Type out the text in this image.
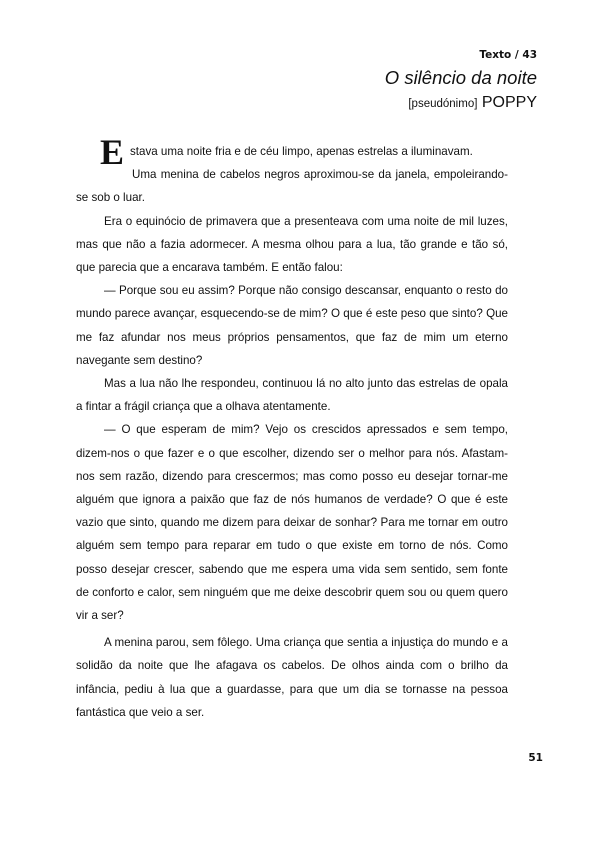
Texto / 43
O silêncio da noite
[pseudónimo] POPPY

E stava uma noite fria e de céu limpo, apenas estrelas a iluminavam.

Uma menina de cabelos negros aproximou-se da janela, empoleirando-se sob o luar.

Era o equinócio de primavera que a presenteava com uma noite de mil luzes, mas que não a fazia adormecer. A mesma olhou para a lua, tão grande e tão só, que parecia que a encarava também. E então falou:

— Porque sou eu assim? Porque não consigo descansar, enquanto o resto do mundo parece avançar, esquecendo-se de mim? O que é este peso que sinto? Que me faz afundar nos meus próprios pensamentos, que faz de mim um eterno navegante sem destino?

Mas a lua não lhe respondeu, continuou lá no alto junto das estrelas de opala a fintar a frágil criança que a olhava atentamente.

— O que esperam de mim? Vejo os crescidos apressados e sem tempo, dizem-nos o que fazer e o que escolher, dizendo ser o melhor para nós. Afastam-nos sem razão, dizendo para crescermos; mas como posso eu desejar tornar-me alguém que ignora a paixão que faz de nós humanos de verdade? O que é este vazio que sinto, quando me dizem para deixar de sonhar? Para me tornar em outro alguém sem tempo para reparar em tudo o que existe em torno de nós. Como posso desejar crescer, sabendo que me espera uma vida sem sentido, sem fonte de conforto e calor, sem ninguém que me deixe descobrir quem sou ou quem quero vir a ser?

A menina parou, sem fôlego. Uma criança que sentia a injustiça do mundo e a solidão da noite que lhe afagava os cabelos. De olhos ainda com o brilho da infância, pediu à lua que a guardasse, para que um dia se tornasse na pessoa fantástica que veio a ser.

51
